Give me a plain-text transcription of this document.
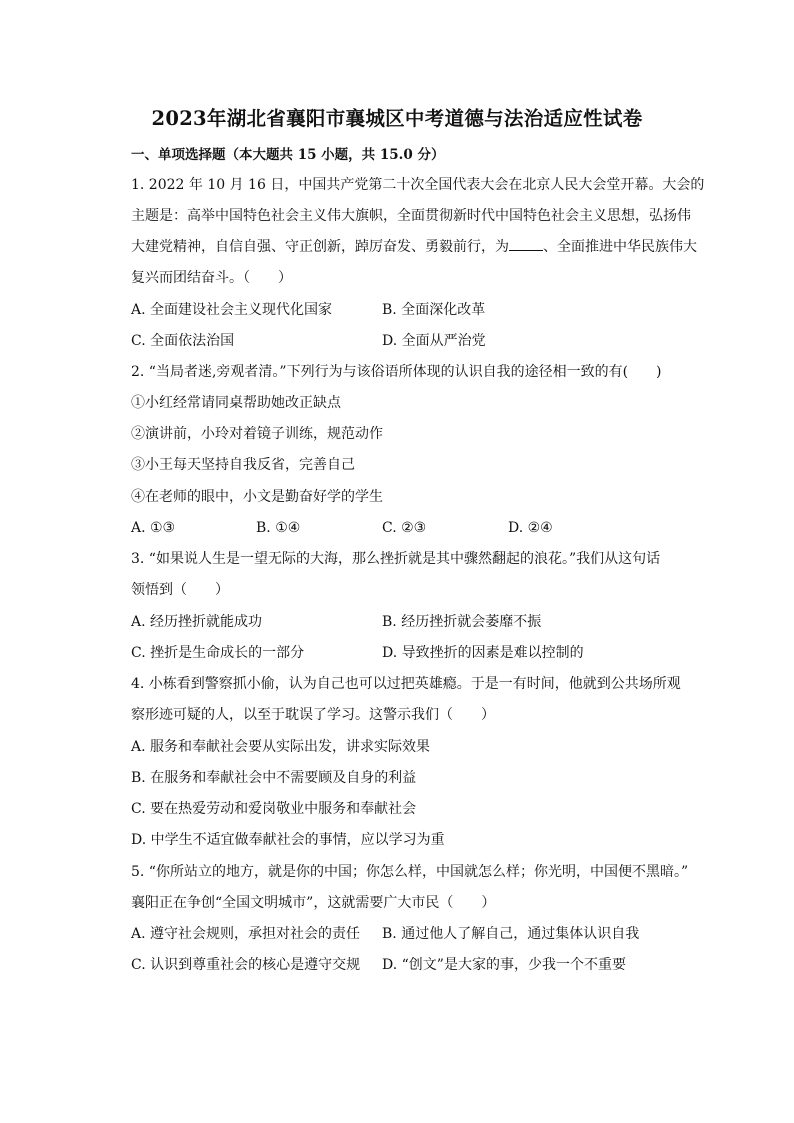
2023年湖北省襄阳市襄城区中考道德与法治适应性试卷
一、单项选择题（本大题共 15 小题，共 15.0 分）
1. 2022 年 10 月 16 日，中国共产党第二十次全国代表大会在北京人民大会堂开幕。大会的
主题是：高举中国特色社会主义伟大旗帜，全面贯彻新时代中国特色社会主义思想，弘扬伟
大建党精神，自信自强、守正创新，踔厉奋发、勇毅前行，为 、全面推进中华民族伟大
复兴而团结奋斗。（　　）
A. 全面建设社会主义现代化国家	B. 全面深化改革
C. 全面依法治国	D. 全面从严治党
2. “当局者迷,旁观者清。”下列行为与该俗语所体现的认识自我的途径相一致的有(　　)
①小红经常请同桌帮助她改正缺点
②演讲前，小玲对着镜子训练，规范动作
③小王每天坚持自我反省，完善自己
④在老师的眼中，小文是勤奋好学的学生
A. ①③	B. ①④	C. ②③	D. ②④
3. “如果说人生是一望无际的大海，那么挫折就是其中骤然翻起的浪花。”我们从这句话
领悟到（　　）
A. 经历挫折就能成功	B. 经历挫折就会萎靡不振
C. 挫折是生命成长的一部分	D. 导致挫折的因素是难以控制的
4. 小栋看到警察抓小偷，认为自己也可以过把英雄瘾。于是一有时间，他就到公共场所观
察形迹可疑的人，以至于耽误了学习。这警示我们（　　）
A. 服务和奉献社会要从实际出发，讲求实际效果
B. 在服务和奉献社会中不需要顾及自身的利益
C. 要在热爱劳动和爱岗敬业中服务和奉献社会
D. 中学生不适宜做奉献社会的事情，应以学习为重
5. “你所站立的地方，就是你的中国；你怎么样，中国就怎么样；你光明，中国便不黑暗。”
襄阳正在争创“全国文明城市”，这就需要广大市民（　　）
A. 遵守社会规则，承担对社会的责任 B. 通过他人了解自己，通过集体认识自我
C. 认识到尊重社会的核心是遵守交规 D. “创文”是大家的事，少我一个不重要
